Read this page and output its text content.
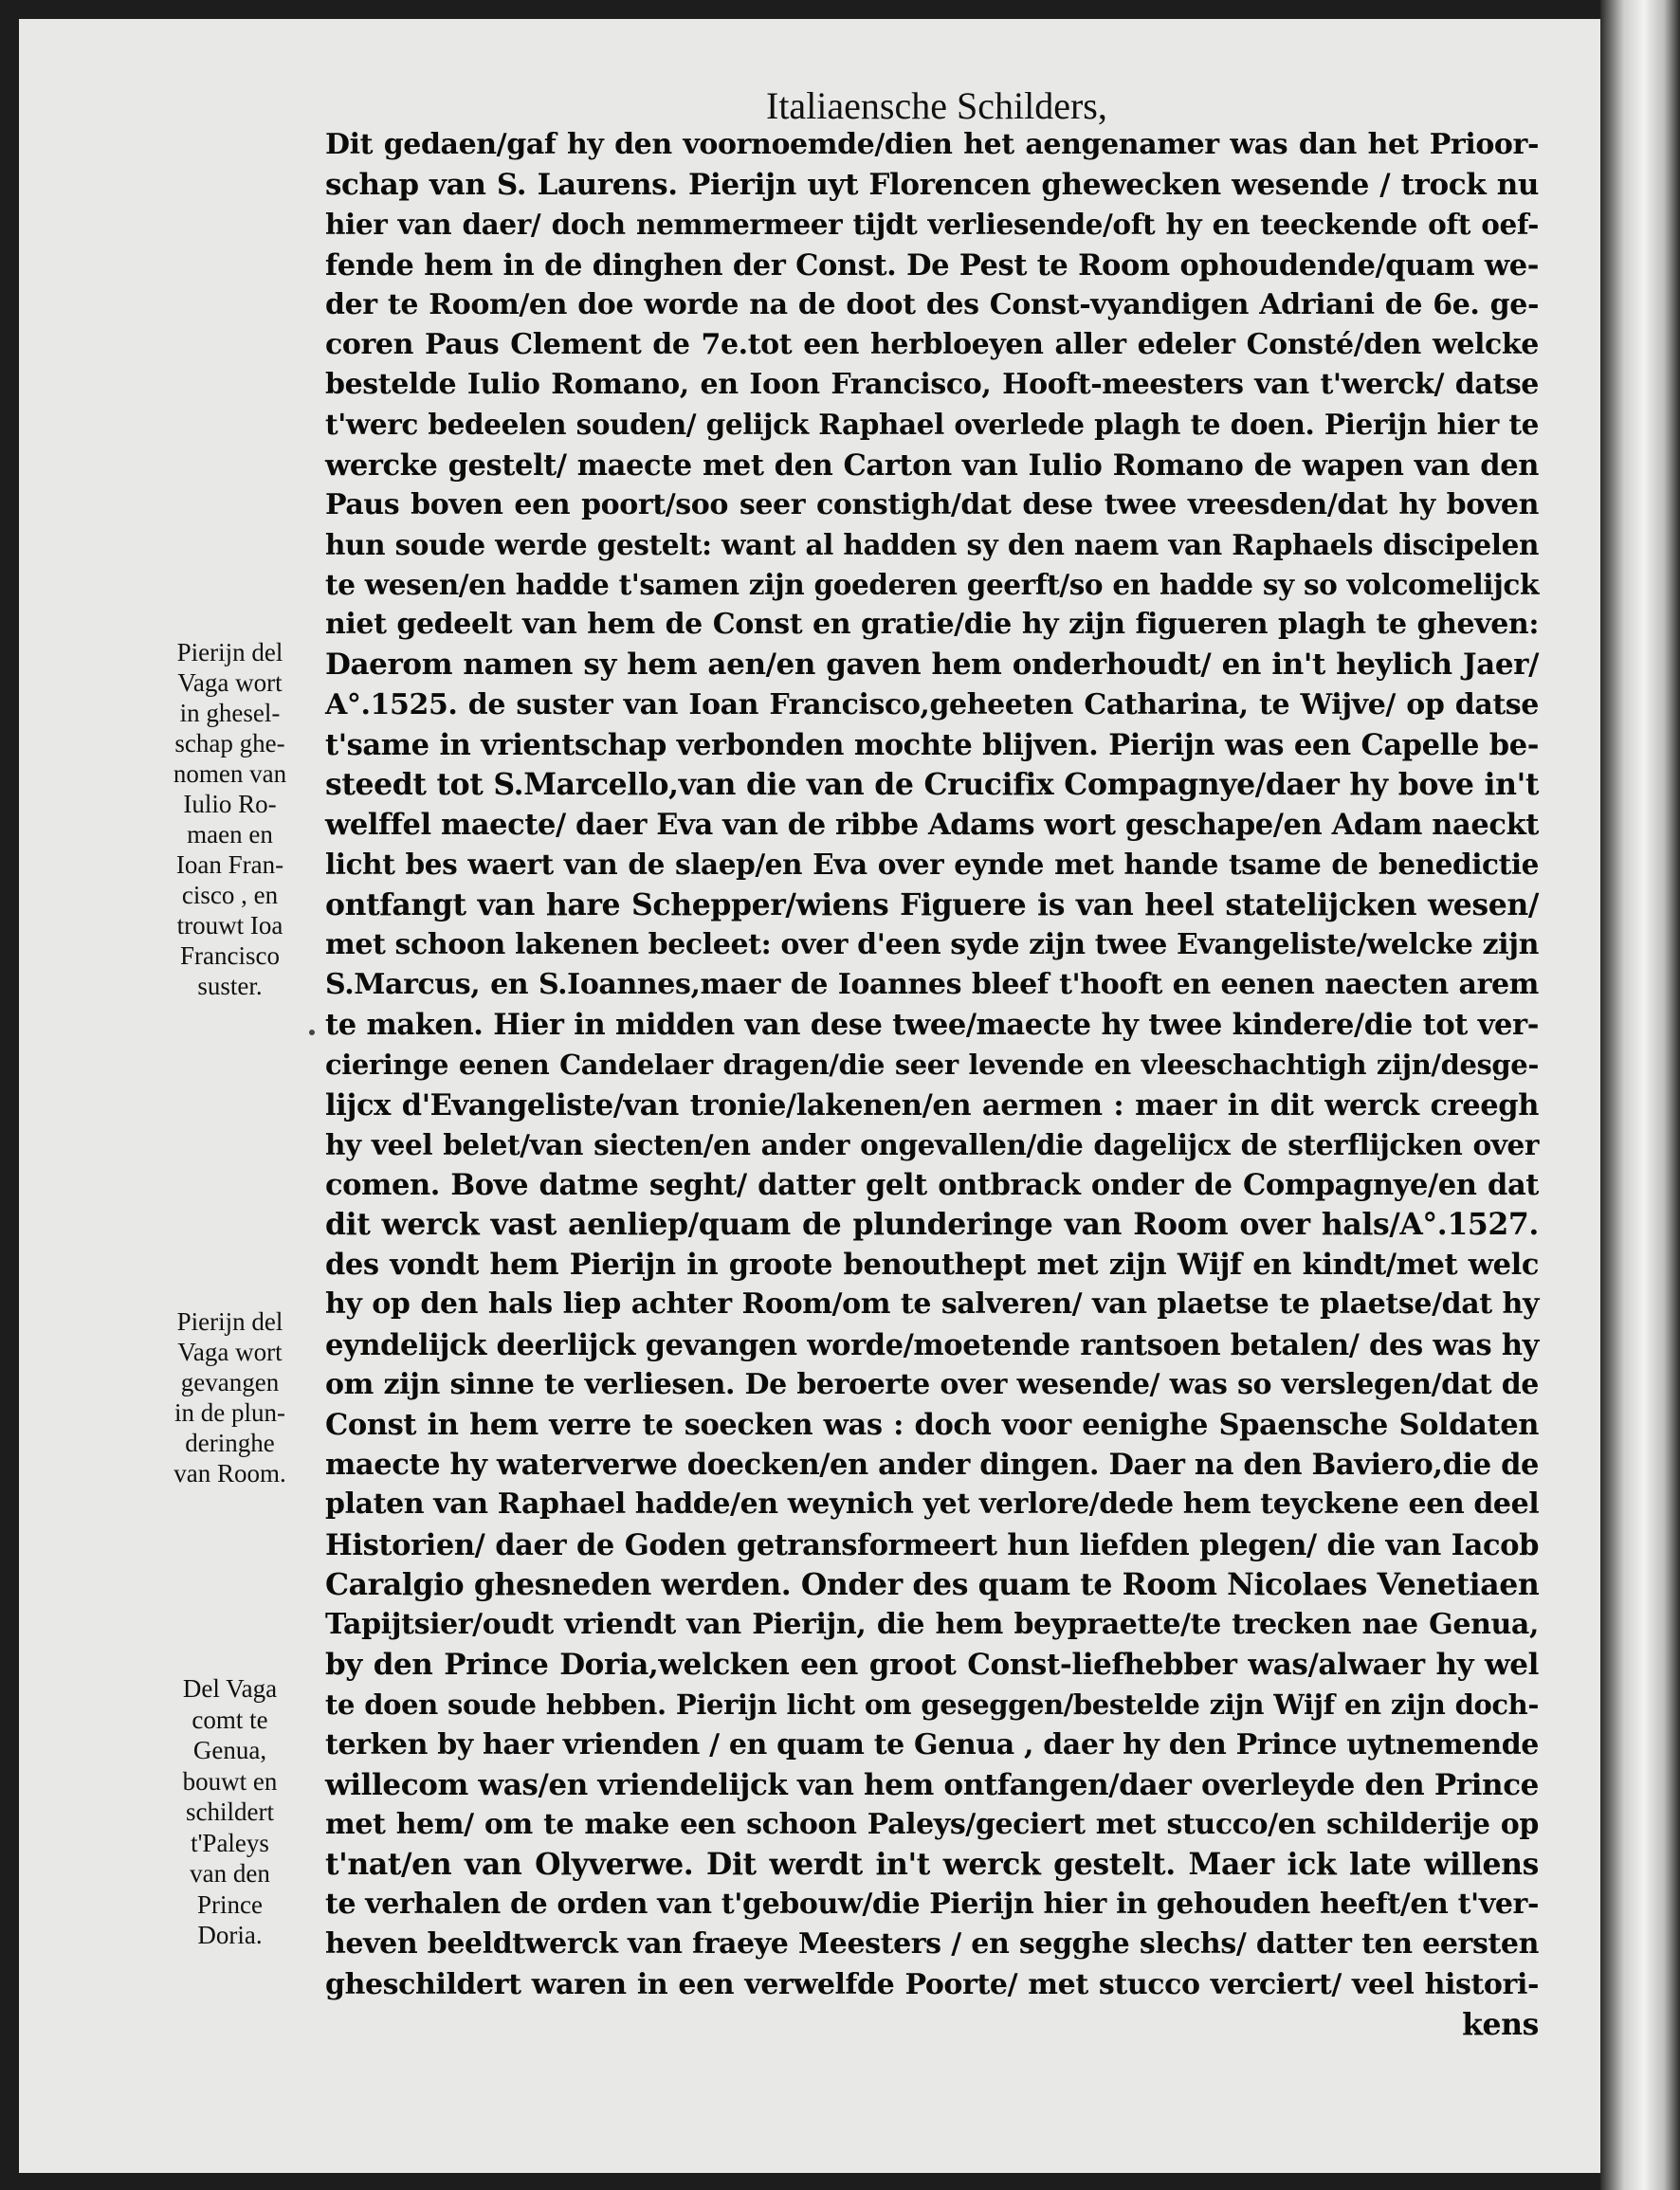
Italiaensche Schilders,
Dit gedaen/gaf hy den voornoemde/dien het aengenamer was dan het Prioor-
schap van S. Laurens. Pierijn uyt Florencen ghewecken wesende / trock nu
hier van daer/ doch nemmermeer tijdt verliesende/oft hy en teeckende oft oef-
fende hem in de dinghen der Const. De Pest te Room ophoudende/quam we-
der te Room/en doe worde na de doot des Const-vyandigen Adriani de 6e. ge-
coren Paus Clement de 7e.tot een herbloeyen aller edeler Consté/den welcke
bestelde Iulio Romano, en Ioon Francisco, Hooft-meesters van t'werck/ datse
t'werc bedeelen souden/ gelijck Raphael overlede plagh te doen. Pierijn hier te
wercke gestelt/ maecte met den Carton van Iulio Romano de wapen van den
Paus boven een poort/soo seer constigh/dat dese twee vreesden/dat hy boven
hun soude werde gestelt: want al hadden sy den naem van Raphaels discipelen
te wesen/en hadde t'samen zijn goederen geerft/so en hadde sy so volcomelijck
niet gedeelt van hem de Const en gratie/die hy zijn figueren plagh te gheven:
Daerom namen sy hem aen/en gaven hem onderhoudt/ en in't heylich Jaer/
A°.1525. de suster van Ioan Francisco,geheeten Catharina, te Wijve/ op datse
t'same in vrientschap verbonden mochte blijven. Pierijn was een Capelle be-
steedt tot S.Marcello,van die van de Crucifix Compagnye/daer hy bove in't
welffel maecte/ daer Eva van de ribbe Adams wort geschape/en Adam naeckt
licht bes waert van de slaep/en Eva over eynde met hande tsame de benedictie
ontfangt van hare Schepper/wiens Figuere is van heel statelijcken wesen/
met schoon lakenen becleet: over d'een syde zijn twee Evangeliste/welcke zijn
S.Marcus, en S.Ioannes,maer de Ioannes bleef t'hooft en eenen naecten arem
te maken. Hier in midden van dese twee/maecte hy twee kindere/die tot ver-
cieringe eenen Candelaer dragen/die seer levende en vleeschachtigh zijn/desge-
lijcx d'Evangeliste/van tronie/lakenen/en aermen : maer in dit werck creegh
hy veel belet/van siecten/en ander ongevallen/die dagelijcx de sterflijcken over
comen. Bove datme seght/ datter gelt ontbrack onder de Compagnye/en dat
dit werck vast aenliep/quam de plunderinge van Room over hals/A°.1527.
des vondt hem Pierijn in groote benouthept met zijn Wijf en kindt/met welc
hy op den hals liep achter Room/om te salveren/ van plaetse te plaetse/dat hy
eyndelijck deerlijck gevangen worde/moetende rantsoen betalen/ des was hy
om zijn sinne te verliesen. De beroerte over wesende/ was so verslegen/dat de
Const in hem verre te soecken was : doch voor eenighe Spaensche Soldaten
maecte hy waterverwe doecken/en ander dingen. Daer na den Baviero,die de
platen van Raphael hadde/en weynich yet verlore/dede hem teyckene een deel
Historien/ daer de Goden getransformeert hun liefden plegen/ die van Iacob
Caralgio ghesneden werden. Onder des quam te Room Nicolaes Venetiaen
Tapijtsier/oudt vriendt van Pierijn, die hem beypraette/te trecken nae Genua,
by den Prince Doria,welcken een groot Const-liefhebber was/alwaer hy wel
te doen soude hebben. Pierijn licht om geseggen/bestelde zijn Wijf en zijn doch-
terken by haer vrienden / en quam te Genua , daer hy den Prince uytnemende
willecom was/en vriendelijck van hem ontfangen/daer overleyde den Prince
met hem/ om te make een schoon Paleys/geciert met stucco/en schilderije op
t'nat/en van Olyverwe. Dit werdt in't werck gestelt. Maer ick late willens
te verhalen de orden van t'gebouw/die Pierijn hier in gehouden heeft/en t'ver-
heven beeldtwerck van fraeye Meesters / en segghe slechs/ datter ten eersten
gheschildert waren in een verwelfde Poorte/ met stucco verciert/ veel histori-
kens
Pierijn del
Vaga wort
in ghesel-
schap ghe-
nomen van
Iulio Ro-
maen en
Ioan Fran-
cisco , en
trouwt Ioa
Francisco
suster.
Pierijn del
Vaga wort
gevangen
in de plun-
deringhe
van Room.
Del Vaga
comt te
Genua,
bouwt en
schildert
t'Paleys
van den
Prince
Doria.
